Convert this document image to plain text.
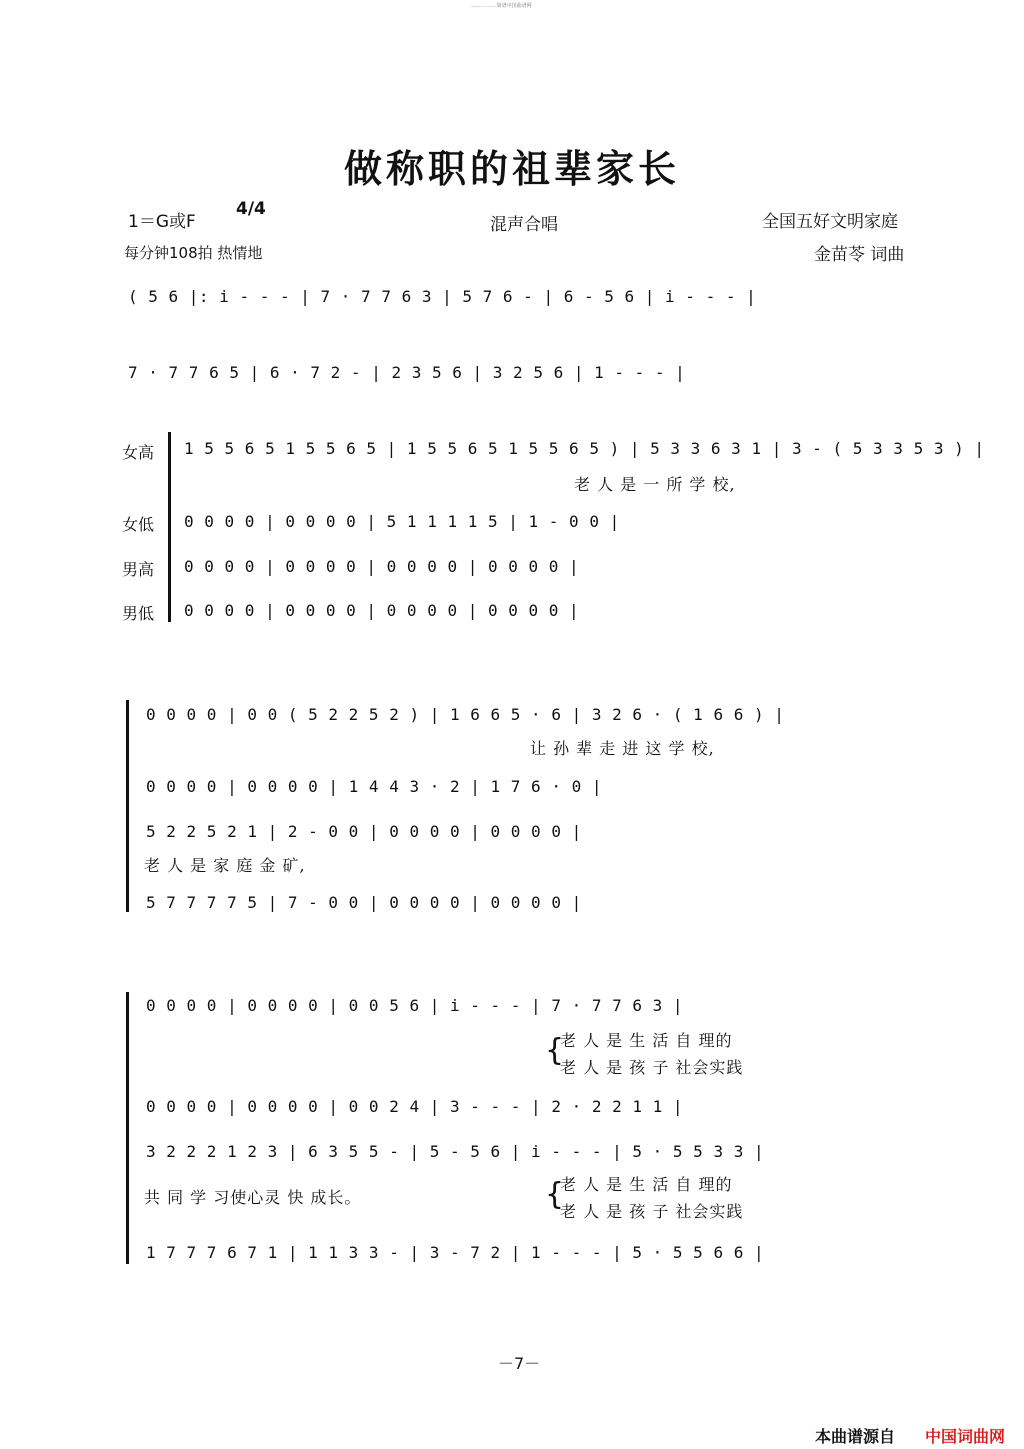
……… ……简谱中国曲谱网
做称职的祖辈家长
1＝G或F
4/4
混声合唱	全国五好文明家庭
每分钟108拍 热情地	金苗苓 词曲
( 5 6 |: i - - - | 7 · 7 7 6 3 | 5 7 6 - | 6 - 5 6 | i - - - |
7 · 7 7 6 5 | 6 · 7 2 - | 2 3 5 6 | 3 2 5 6 | 1 - - - |
女高
女低
男高
男低
1 5 5 6 5 1 5 5 6 5 | 1 5 5 6 5 1 5 5 6 5 ) | 5 3 3 6 3 1 | 3 - ( 5 3 3 5 3 ) |
老 人 是 一 所 学 校,
0 0 0 0 | 0 0 0 0 | 5 1 1 1 1 5 | 1 - 0 0 |
0 0 0 0 | 0 0 0 0 | 0 0 0 0 | 0 0 0 0 |
0 0 0 0 | 0 0 0 0 | 0 0 0 0 | 0 0 0 0 |
0 0 0 0 | 0 0 ( 5 2 2 5 2 ) | 1 6 6 5 · 6 | 3 2 6 · ( 1 6 6 ) |
让 孙 辈 走 进 这 学 校,
0 0 0 0 | 0 0 0 0 | 1 4 4 3 · 2 | 1 7 6 · 0 |
5 2 2 5 2 1 | 2 - 0 0 | 0 0 0 0 | 0 0 0 0 |
老 人 是 家 庭 金 矿,
5 7 7 7 7 5 | 7 - 0 0 | 0 0 0 0 | 0 0 0 0 |
0 0 0 0 | 0 0 0 0 | 0 0 5 6 | i - - - | 7 · 7 7 6 3 |
老 人 是 生 活 自 理的
老 人 是 孩 子 社会实践
{
0 0 0 0 | 0 0 0 0 | 0 0 2 4 | 3 - - - | 2 · 2 2 1 1 |
3 2 2 2 1 2 3 | 6 3 5 5 - | 5 - 5 6 | i - - - | 5 · 5 5 3 3 |
共 同 学 习使心灵 快 成长。
老 人 是 生 活 自 理的
老 人 是 孩 子 社会实践
{
1 7 7 7 6 7 1 | 1 1 3 3 - | 3 - 7 2 | 1 - - - | 5 · 5 5 6 6 |
－7－
本曲谱源自 中国词曲网
